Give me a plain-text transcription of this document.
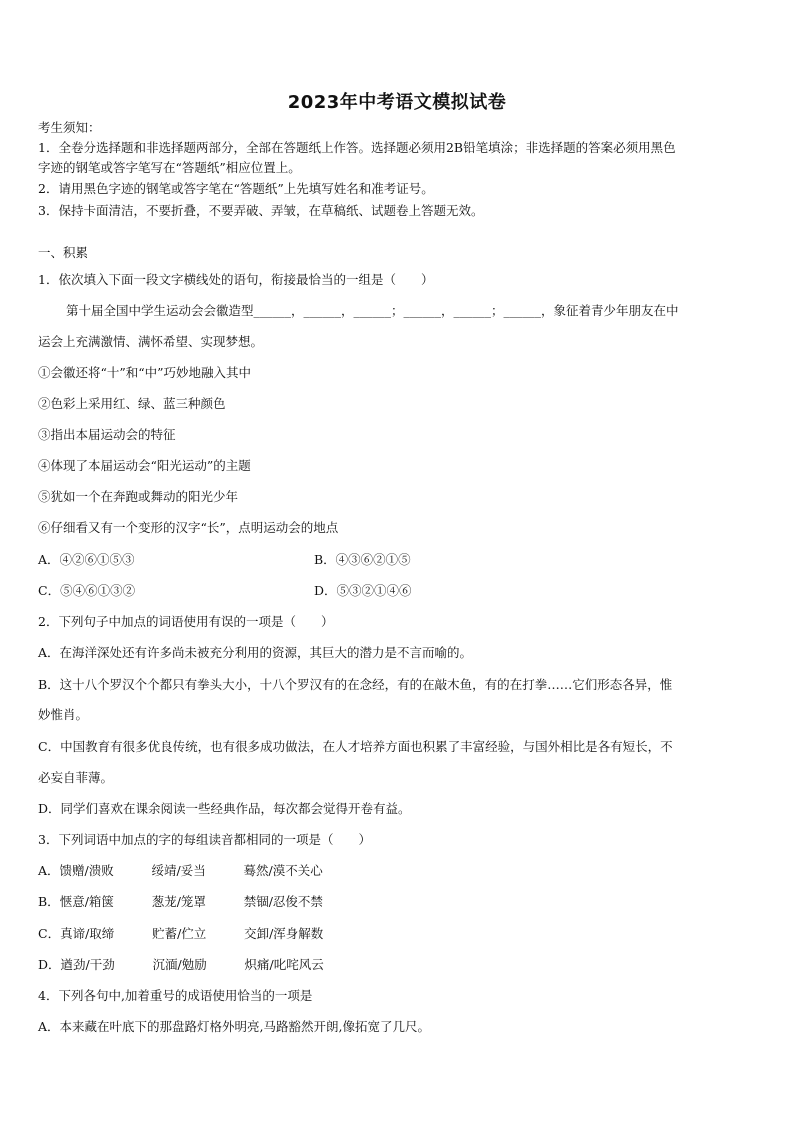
2023年中考语文模拟试卷
考生须知：
1．全卷分选择题和非选择题两部分，全部在答题纸上作答。选择题必须用2B铅笔填涂；非选择题的答案必须用黑色
字迹的钢笔或答字笔写在“答题纸”相应位置上。
2．请用黑色字迹的钢笔或答字笔在“答题纸”上先填写姓名和准考证号。
3．保持卡面清洁，不要折叠，不要弄破、弄皱，在草稿纸、试题卷上答题无效。
一、积累
1．依次填入下面一段文字横线处的语句，衔接最恰当的一组是（　　）
第十届全国中学生运动会会徽造型______，______，______；______，______；______，象征着青少年朋友在中
运会上充满激情、满怀希望、实现梦想。
①会徽还将“十”和“中”巧妙地融入其中
②色彩上采用红、绿、蓝三种颜色
③指出本届运动会的特征
④体现了本届运动会“阳光运动”的主题
⑤犹如一个在奔跑或舞动的阳光少年
⑥仔细看又有一个变形的汉字“长”，点明运动会的地点
A．④②⑥①⑤③	B．④③⑥②①⑤
C．⑤④⑥①③②	D．⑤③②①④⑥
2．下列句子中加点的词语使用有误的一项是（　　）
A．在海洋深处还有许多尚未被充分利用的资源，其巨大的潜力是不言而喻的。
B．这十八个罗汉个个都只有拳头大小，十八个罗汉有的在念经，有的在敲木鱼，有的在打拳……它们形态各异，惟
妙惟肖。
C．中国教育有很多优良传统，也有很多成功做法，在人才培养方面也积累了丰富经验，与国外相比是各有短长，不
必妄自菲薄。
D．同学们喜欢在课余阅读一些经典作品，每次都会觉得开卷有益。
3．下列词语中加点的字的每组读音都相同的一项是（　　）
A．馈赠/溃败	绥靖/妥当	蓦然/漠不关心
B．惬意/箱箧	葱茏/笼罩	禁锢/忍俊不禁
C．真谛/取缔	贮蓄/伫立	交卸/浑身解数
D．遒劲/干劲	沉湎/勉励	炽痛/叱咤风云
4．下列各句中,加着重号的成语使用恰当的一项是
A．本来藏在叶底下的那盘路灯格外明亮,马路豁然开朗,像拓宽了几尺。
